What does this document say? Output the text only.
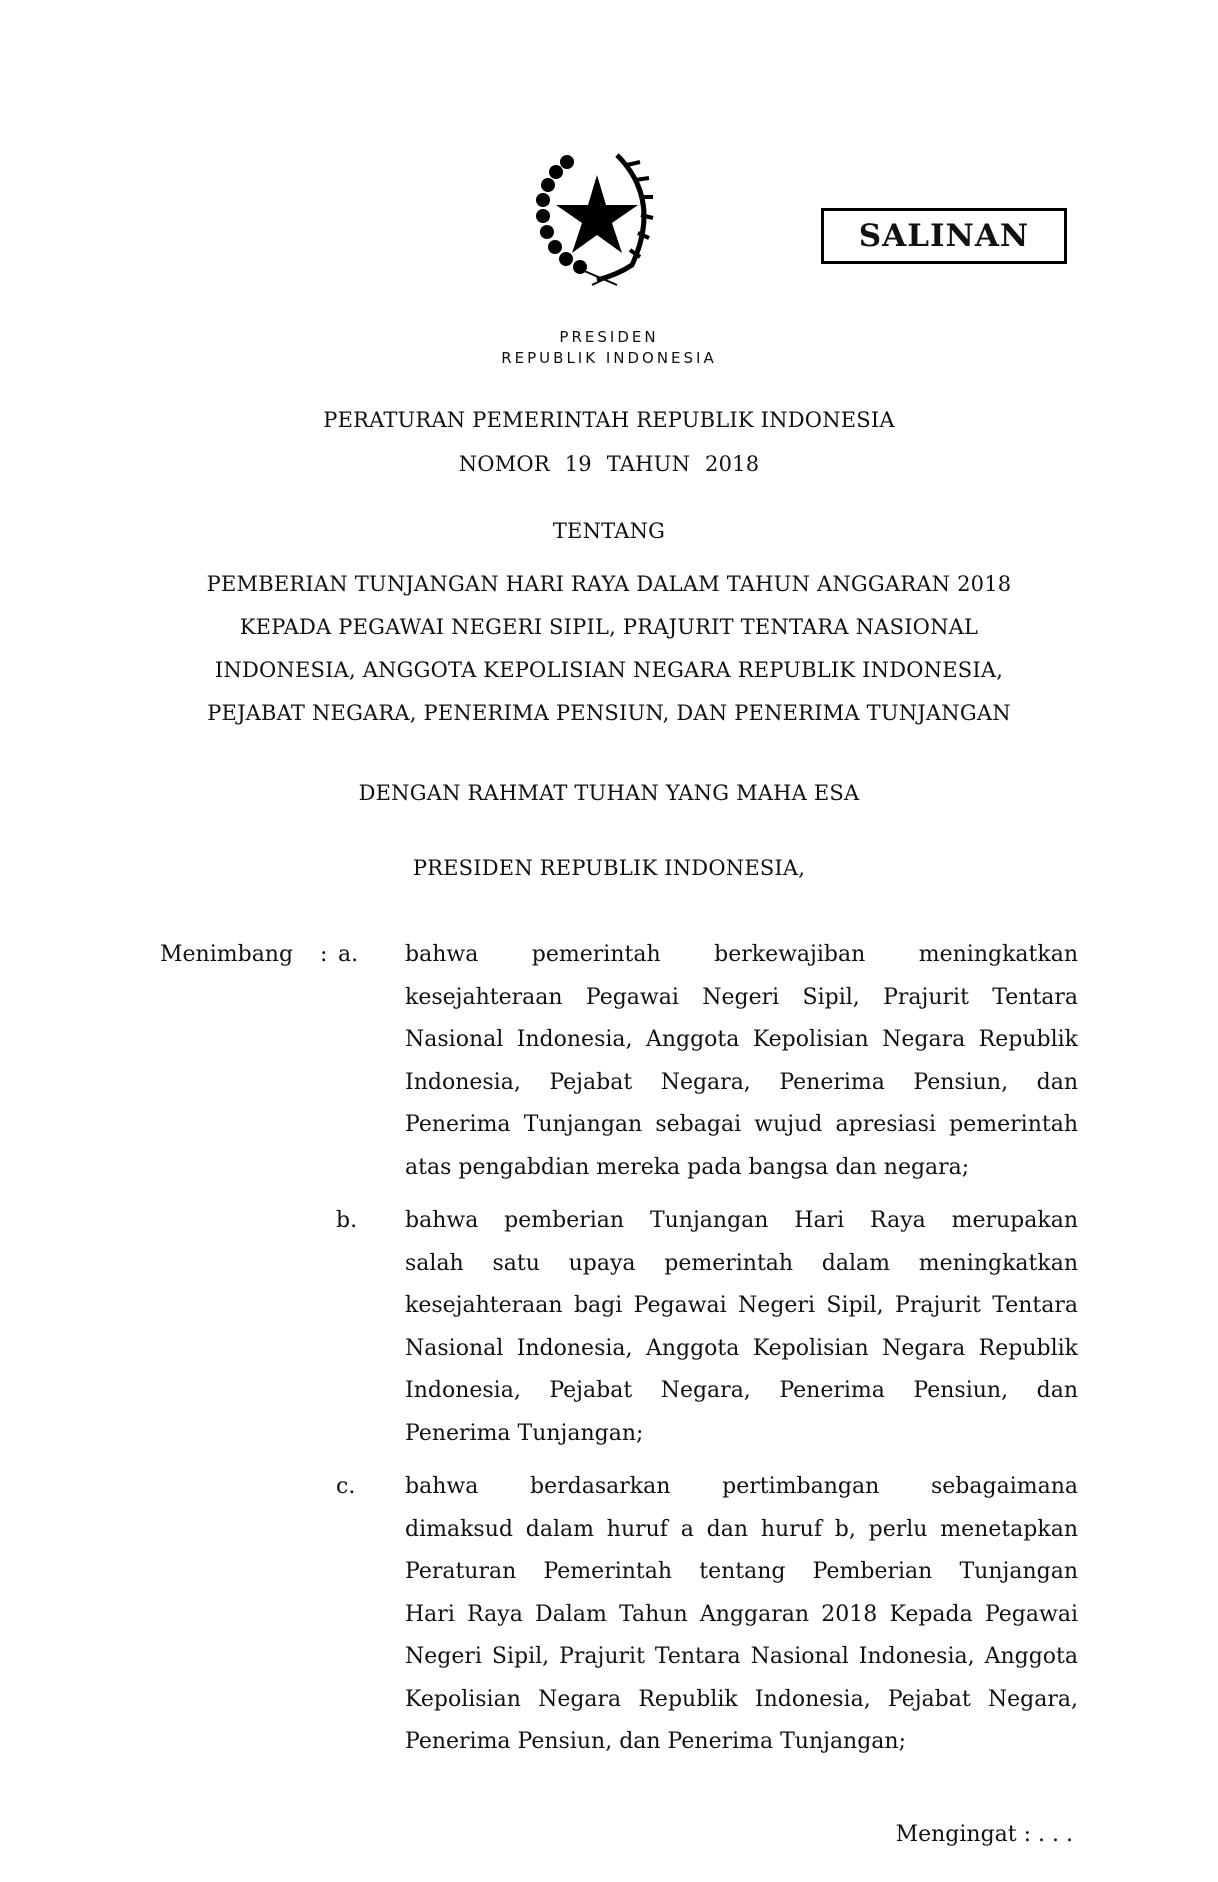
SALINAN
PRESIDEN
REPUBLIK INDONESIA
PERATURAN PEMERINTAH REPUBLIK INDONESIA
NOMOR 19 TAHUN 2018
TENTANG
PEMBERIAN TUNJANGAN HARI RAYA DALAM TAHUN ANGGARAN 2018
KEPADA PEGAWAI NEGERI SIPIL, PRAJURIT TENTARA NASIONAL
INDONESIA, ANGGOTA KEPOLISIAN NEGARA REPUBLIK INDONESIA,
PEJABAT NEGARA, PENERIMA PENSIUN, DAN PENERIMA TUNJANGAN
DENGAN RAHMAT TUHAN YANG MAHA ESA
PRESIDEN REPUBLIK INDONESIA,
Menimbang : a. bahwa pemerintah berkewajiban meningkatkan
kesejahteraan Pegawai Negeri Sipil, Prajurit Tentara
Nasional Indonesia, Anggota Kepolisian Negara Republik
Indonesia, Pejabat Negara, Penerima Pensiun, dan
Penerima Tunjangan sebagai wujud apresiasi pemerintah
atas pengabdian mereka pada bangsa dan negara;
b. bahwa pemberian Tunjangan Hari Raya merupakan
salah satu upaya pemerintah dalam meningkatkan
kesejahteraan bagi Pegawai Negeri Sipil, Prajurit Tentara
Nasional Indonesia, Anggota Kepolisian Negara Republik
Indonesia, Pejabat Negara, Penerima Pensiun, dan
Penerima Tunjangan;
c. bahwa berdasarkan pertimbangan sebagaimana
dimaksud dalam huruf a dan huruf b, perlu menetapkan
Peraturan Pemerintah tentang Pemberian Tunjangan
Hari Raya Dalam Tahun Anggaran 2018 Kepada Pegawai
Negeri Sipil, Prajurit Tentara Nasional Indonesia, Anggota
Kepolisian Negara Republik Indonesia, Pejabat Negara,
Penerima Pensiun, dan Penerima Tunjangan;
Mengingat : . . .
